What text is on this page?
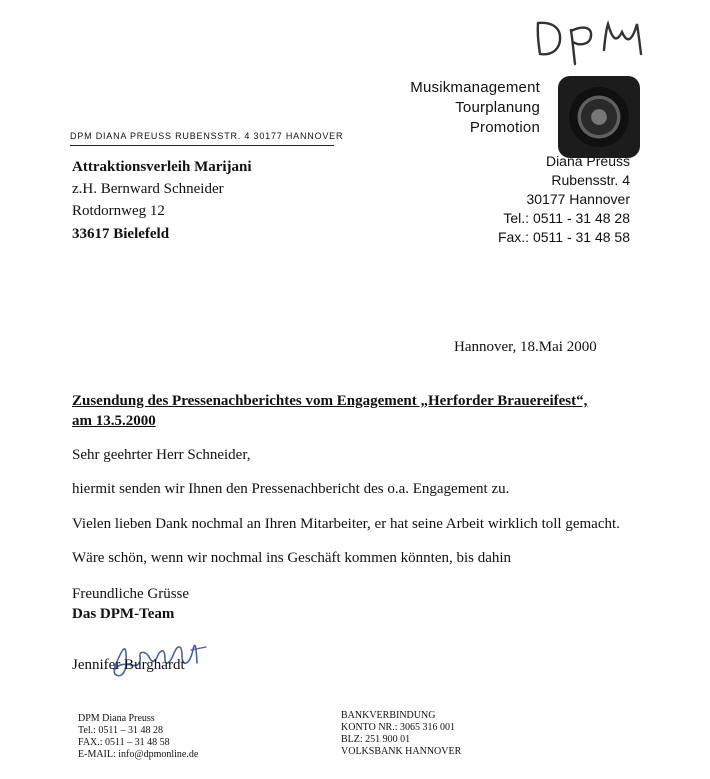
Musikmanagement
Tourplanung
Promotion
DPM DIANA PREUSS RUBENSSTR. 4 30177 HANNOVER
Attraktionsverleih Marijani
z.H. Bernward Schneider
Rotdornweg 12
33617 Bielefeld
Diana Preuss
Rubensstr. 4
30177 Hannover
Tel.: 0511 - 31 48 28
Fax.: 0511 - 31 48 58
Hannover, 18.Mai 2000
Zusendung des Pressenachberichtes vom Engagement „Herforder Brauereifest“,
am 13.5.2000
Sehr geehrter Herr Schneider,
hiermit senden wir Ihnen den Pressenachbericht des o.a. Engagement zu.
Vielen lieben Dank nochmal an Ihren Mitarbeiter, er hat seine Arbeit wirklich toll gemacht.
Wäre schön, wenn wir nochmal ins Geschäft kommen könnten, bis dahin
Freundliche Grüsse
Das DPM-Team
Jennifer Burghardt
DPM Diana Preuss
Tel.: 0511 – 31 48 28
FAX.: 0511 – 31 48 58
E-MAIL: info@dpmonline.de
BANKVERBINDUNG
KONTO NR.: 3065 316 001
BLZ: 251 900 01
VOLKSBANK HANNOVER
